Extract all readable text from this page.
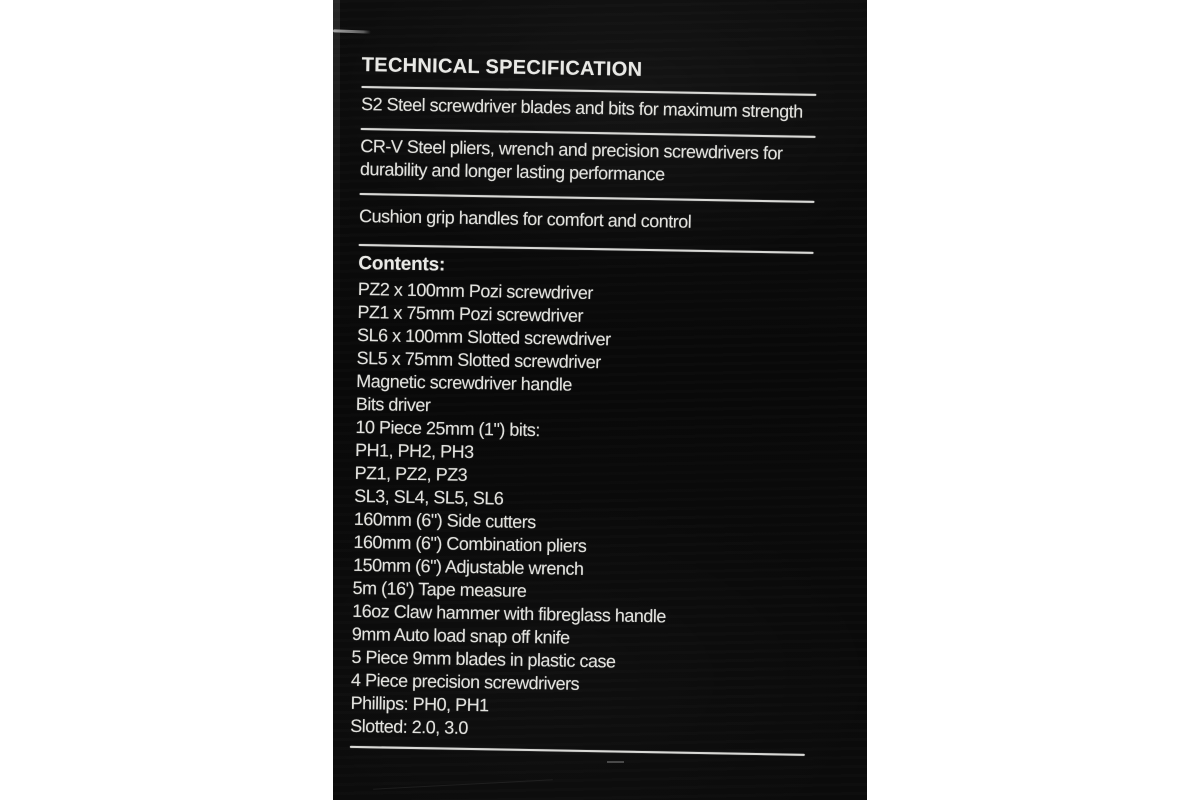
TECHNICAL SPECIFICATION

S2 Steel screwdriver blades and bits for maximum strength

CR-V Steel pliers, wrench and precision screwdrivers for durability and longer lasting performance

Cushion grip handles for comfort and control

Contents:
PZ2 x 100mm Pozi screwdriver
PZ1 x 75mm Pozi screwdriver
SL6 x 100mm Slotted screwdriver
SL5 x 75mm Slotted screwdriver
Magnetic screwdriver handle
Bits driver
10 Piece 25mm (1") bits:
PH1, PH2, PH3
PZ1, PZ2, PZ3
SL3, SL4, SL5, SL6
160mm (6") Side cutters
160mm (6") Combination pliers
150mm (6") Adjustable wrench
5m (16') Tape measure
16oz Claw hammer with fibreglass handle
9mm Auto load snap off knife
5 Piece 9mm blades in plastic case
4 Piece precision screwdrivers
Phillips: PH0, PH1
Slotted: 2.0, 3.0
